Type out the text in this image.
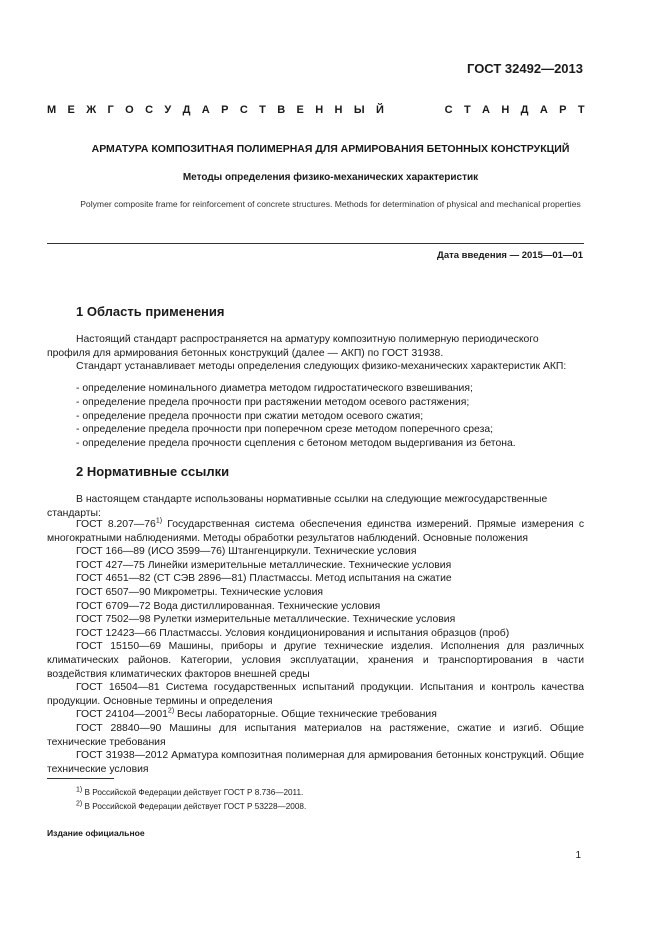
ГОСТ 32492—2013
М Е Ж Г О С У Д А Р С Т В Е Н Н Ы Й	С Т А Н Д А Р Т
АРМАТУРА КОМПОЗИТНАЯ ПОЛИМЕРНАЯ ДЛЯ АРМИРОВАНИЯ БЕТОННЫХ КОНСТРУКЦИЙ
Методы определения физико-механических характеристик
Polymer composite frame for reinforcement of concrete structures. Methods for determination of physical and mechanical properties
Дата введения — 2015—01—01
1 Область применения
Настоящий стандарт распространяется на арматуру композитную полимерную периодического профиля для армирования бетонных конструкций (далее — АКП) по ГОСТ 31938.
Стандарт устанавливает методы определения следующих физико-механических характеристик АКП:
- определение номинального диаметра методом гидростатического взвешивания;
- определение предела прочности при растяжении методом осевого растяжения;
- определение предела прочности при сжатии методом осевого сжатия;
- определение предела прочности при поперечном срезе методом поперечного среза;
- определение предела прочности сцепления с бетоном методом выдергивания из бетона.
2 Нормативные ссылки
В настоящем стандарте использованы нормативные ссылки на следующие межгосударственные стандарты:
ГОСТ 8.207—76$^{1)}$ Государственная система обеспечения единства измерений. Прямые измерения с многократными наблюдениями. Методы обработки результатов наблюдений. Основные положения
ГОСТ 166—89 (ИСО 3599—76) Штангенциркули. Технические условия
ГОСТ 427—75 Линейки измерительные металлические. Технические условия
ГОСТ 4651—82 (СТ СЭВ 2896—81) Пластмассы. Метод испытания на сжатие
ГОСТ 6507—90 Микрометры. Технические условия
ГОСТ 6709—72 Вода дистиллированная. Технические условия
ГОСТ 7502—98 Рулетки измерительные металлические. Технические условия
ГОСТ 12423—66 Пластмассы. Условия кондиционирования и испытания образцов (проб)
ГОСТ 15150—69 Машины, приборы и другие технические изделия. Исполнения для различных климатических районов. Категории, условия эксплуатации, хранения и транспортирования в части воздействия климатических факторов внешней среды
ГОСТ 16504—81 Система государственных испытаний продукции. Испытания и контроль качества продукции. Основные термины и определения
ГОСТ 24104—2001$^{2)}$ Весы лабораторные. Общие технические требования
ГОСТ 28840—90 Машины для испытания материалов на растяжение, сжатие и изгиб. Общие технические требования
ГОСТ 31938—2012 Арматура композитная полимерная для армирования бетонных конструкций. Общие технические условия
$^{1)}$ В Российской Федерации действует ГОСТ Р 8.736—2011.
$^{2)}$ В Российской Федерации действует ГОСТ Р 53228—2008.
Издание официальное
1
